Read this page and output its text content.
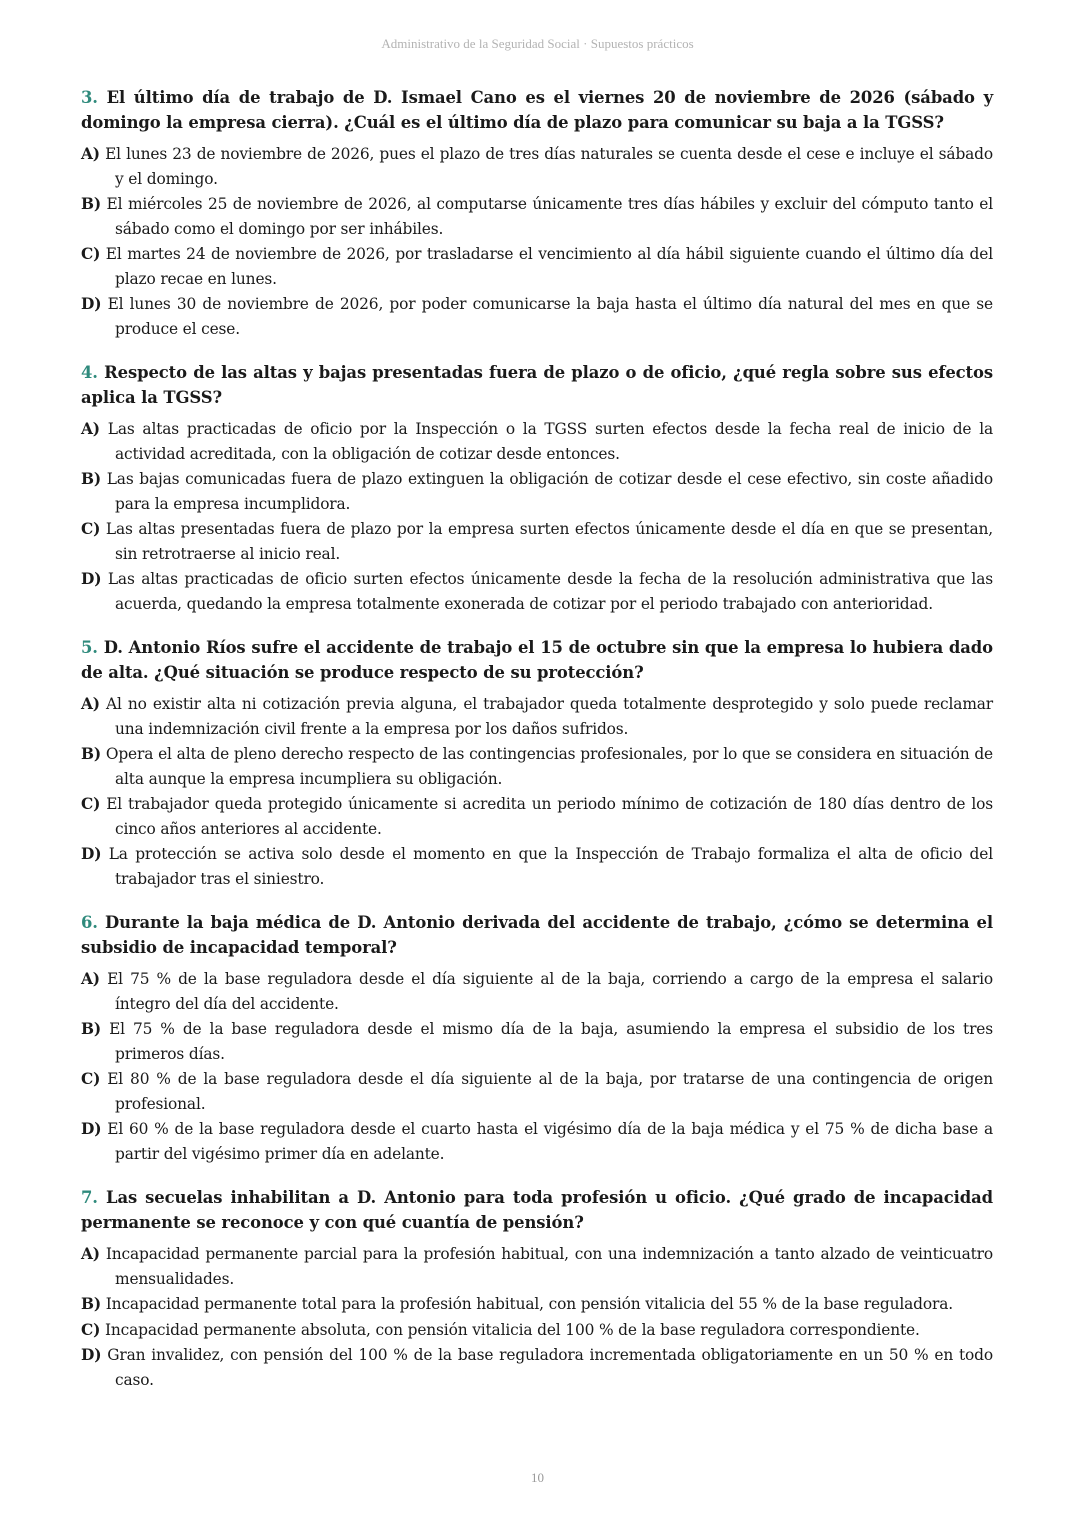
Administrativo de la Seguridad Social · Supuestos prácticos

3. El último día de trabajo de D. Ismael Cano es el viernes 20 de noviembre de 2026 (sábado y domingo la empresa cierra). ¿Cuál es el último día de plazo para comunicar su baja a la TGSS?

A) El lunes 23 de noviembre de 2026, pues el plazo de tres días naturales se cuenta desde el cese e incluye el sábado y el domingo.

B) El miércoles 25 de noviembre de 2026, al computarse únicamente tres días hábiles y excluir del cómputo tanto el sábado como el domingo por ser inhábiles.

C) El martes 24 de noviembre de 2026, por trasladarse el vencimiento al día hábil siguiente cuando el último día del plazo recae en lunes.

D) El lunes 30 de noviembre de 2026, por poder comunicarse la baja hasta el último día natural del mes en que se produce el cese.

4. Respecto de las altas y bajas presentadas fuera de plazo o de oficio, ¿qué regla sobre sus efectos aplica la TGSS?

A) Las altas practicadas de oficio por la Inspección o la TGSS surten efectos desde la fecha real de inicio de la actividad acreditada, con la obligación de cotizar desde entonces.

B) Las bajas comunicadas fuera de plazo extinguen la obligación de cotizar desde el cese efectivo, sin coste añadido para la empresa incumplidora.

C) Las altas presentadas fuera de plazo por la empresa surten efectos únicamente desde el día en que se presentan, sin retrotraerse al inicio real.

D) Las altas practicadas de oficio surten efectos únicamente desde la fecha de la resolución administrativa que las acuerda, quedando la empresa totalmente exonerada de cotizar por el periodo trabajado con anterioridad.

5. D. Antonio Ríos sufre el accidente de trabajo el 15 de octubre sin que la empresa lo hubiera dado de alta. ¿Qué situación se produce respecto de su protección?

A) Al no existir alta ni cotización previa alguna, el trabajador queda totalmente desprotegido y solo puede reclamar una indemnización civil frente a la empresa por los daños sufridos.

B) Opera el alta de pleno derecho respecto de las contingencias profesionales, por lo que se considera en situación de alta aunque la empresa incumpliera su obligación.

C) El trabajador queda protegido únicamente si acredita un periodo mínimo de cotización de 180 días dentro de los cinco años anteriores al accidente.

D) La protección se activa solo desde el momento en que la Inspección de Trabajo formaliza el alta de oficio del trabajador tras el siniestro.

6. Durante la baja médica de D. Antonio derivada del accidente de trabajo, ¿cómo se determina el subsidio de incapacidad temporal?

A) El 75 % de la base reguladora desde el día siguiente al de la baja, corriendo a cargo de la empresa el salario íntegro del día del accidente.

B) El 75 % de la base reguladora desde el mismo día de la baja, asumiendo la empresa el subsidio de los tres primeros días.

C) El 80 % de la base reguladora desde el día siguiente al de la baja, por tratarse de una contingencia de origen profesional.

D) El 60 % de la base reguladora desde el cuarto hasta el vigésimo día de la baja médica y el 75 % de dicha base a partir del vigésimo primer día en adelante.

7. Las secuelas inhabilitan a D. Antonio para toda profesión u oficio. ¿Qué grado de incapacidad permanente se reconoce y con qué cuantía de pensión?

A) Incapacidad permanente parcial para la profesión habitual, con una indemnización a tanto alzado de veinticuatro mensualidades.

B) Incapacidad permanente total para la profesión habitual, con pensión vitalicia del 55 % de la base reguladora.

C) Incapacidad permanente absoluta, con pensión vitalicia del 100 % de la base reguladora correspondiente.

D) Gran invalidez, con pensión del 100 % de la base reguladora incrementada obligatoriamente en un 50 % en todo caso.

10
